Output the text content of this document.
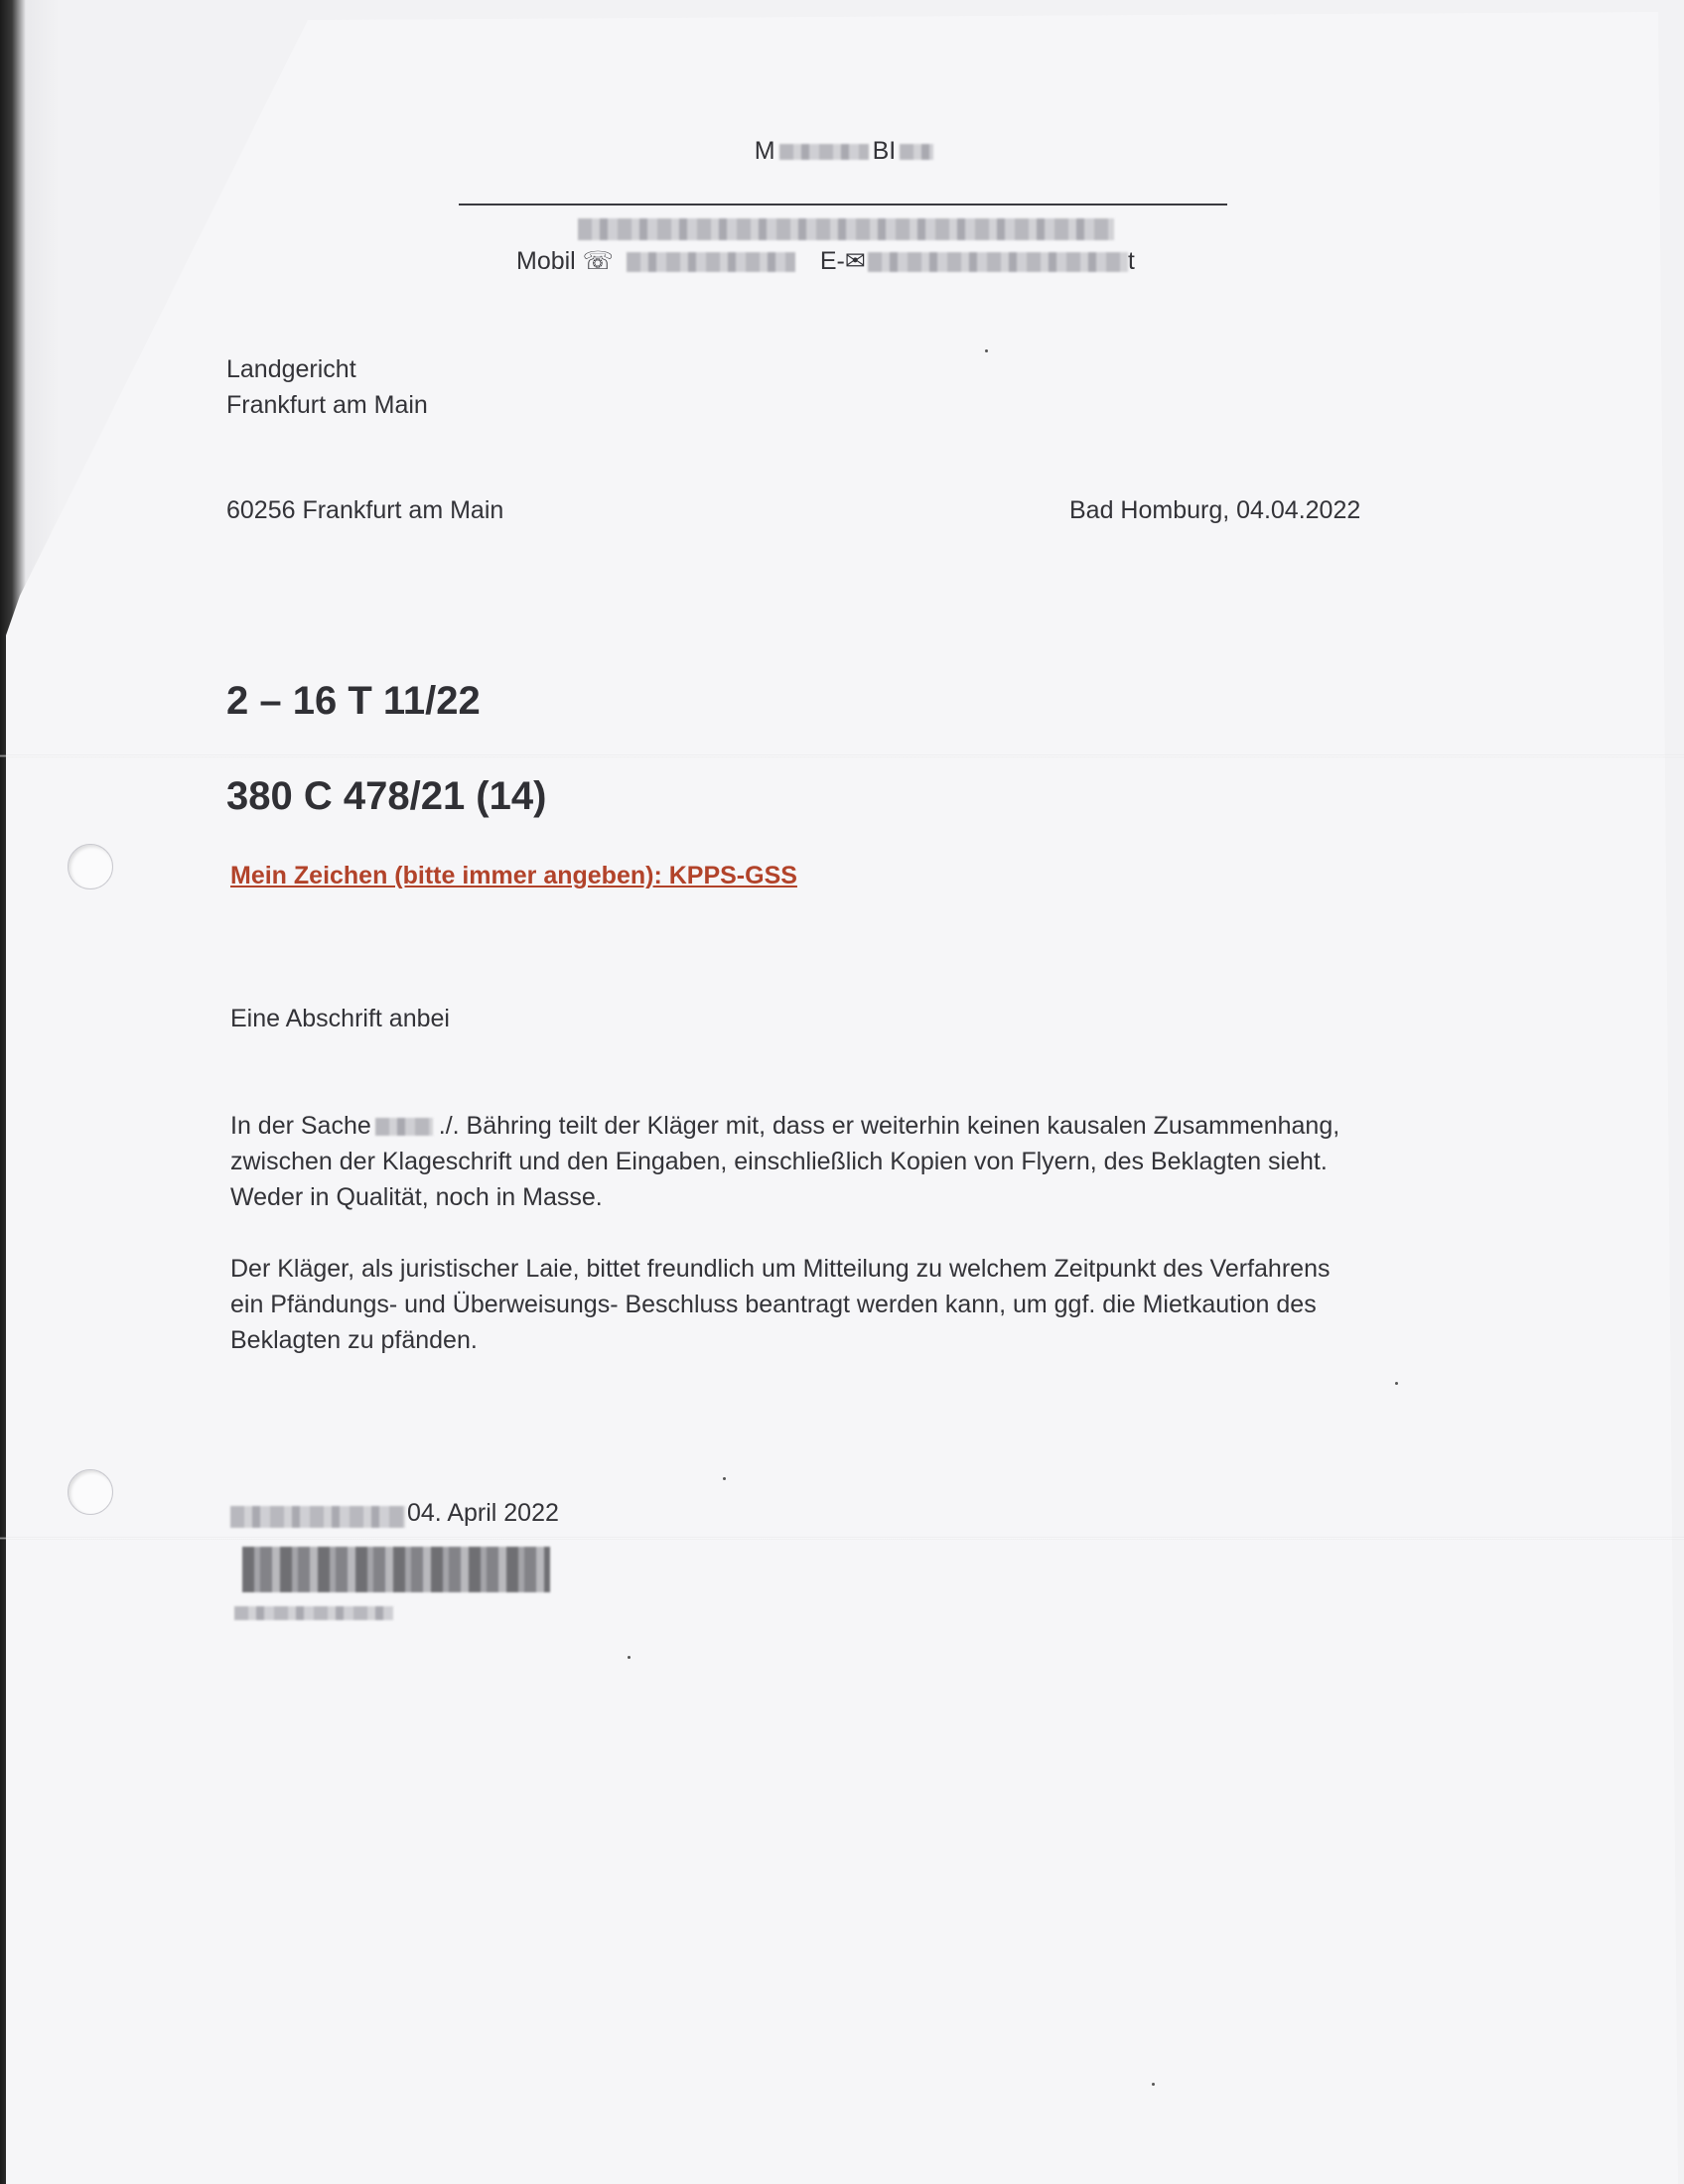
M	BI
Mobil ☏	E-✉	t
Landgericht
Frankfurt am Main
60256 Frankfurt am Main	Bad Homburg, 04.04.2022
2 – 16 T 11/22
380 C 478/21 (14)
Mein Zeichen (bitte immer angeben): KPPS-GSS
Eine Abschrift anbei
In der Sache	./. Bähring teilt der Kläger mit, dass er weiterhin keinen kausalen Zusammenhang,
zwischen der Klageschrift und den Eingaben, einschließlich Kopien von Flyern, des Beklagten sieht.
Weder in Qualität, noch in Masse.
Der Kläger, als juristischer Laie, bittet freundlich um Mitteilung zu welchem Zeitpunkt des Verfahrens
ein Pfändungs- und Überweisungs- Beschluss beantragt werden kann, um ggf. die Mietkaution des
Beklagten zu pfänden.
04. April 2022
